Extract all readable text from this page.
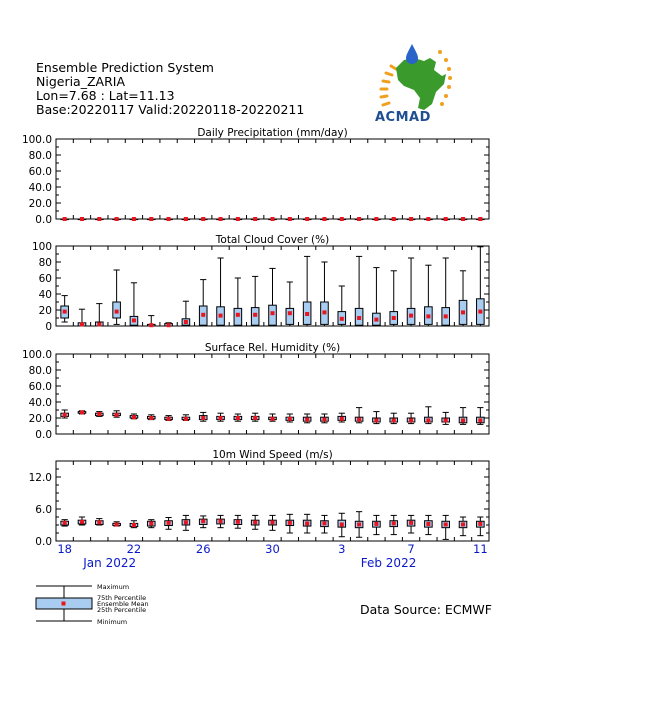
Ensemble Prediction System
Nigeria_ZARIA
Lon=7.68 : Lat=11.13
Base:20220117 Valid:20220118-20220211
ACMAD
Daily Precipitation (mm/day)
0.0
20.0
40.0
60.0
80.0
100.0
Total Cloud Cover (%)
0
20
40
60
80
100
Surface Rel. Humidity (%)
0.0
20.0
40.0
60.0
80.0
100.0
10m Wind Speed (m/s)
0.0
6.0
12.0
18	22	26	30	3	7	11
Jan 2022	Feb 2022
Maximum
75th Percentile
Ensemble Mean
25th Percentile
Minimum
Data Source: ECMWF
